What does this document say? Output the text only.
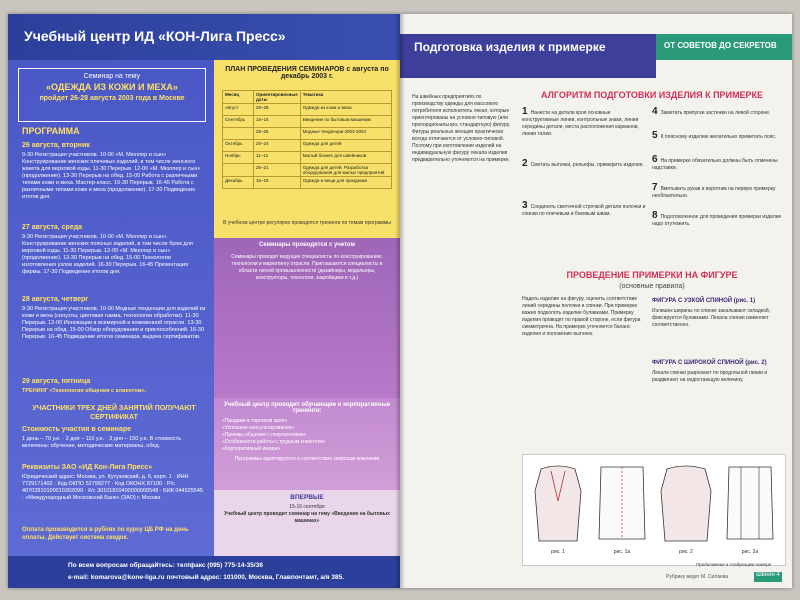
Учебный центр ИД «КОН-Лига Пресс»
Семинар на тему
«ОДЕЖДА ИЗ КОЖИ И МЕХА»
пройдет 26-28 августа 2003 года в Москве
ПРОГРАММА
26 августа, вторник
9-30 Регистрация участников. 10-00 «М. Мюллер и сын» Конструирование женских плечевых изделий, в том числе женского жакета для верховой езды. 11-30 Перерыв. 12-00 «М. Мюллер и сын» (продолжение). 13-30 Перерыв на обед. 15-00 Работа с различными типами кожи и меха. Мастер-класс. 16-30 Перерыв. 16-45 Работа с различными типами кожи и меха (продолжение). 17-30 Подведение итогов дня.
27 августа, среда
9-30 Регистрация участников. 10-00 «М. Мюллер и сын». Конструирование женских поясных изделий, в том числе брюк для верховой езды. 11-30 Перерыв. 12-00 «М. Мюллер и сын» (продолжение). 13-30 Перерыв на обед. 15-00 Технологии изготовления узлов изделий. 16-30 Перерыв. 16-45 Презентация фирмы. 17-30 Подведение итогов дня.
28 августа, четверг
9-30 Регистрация участников. 10-00 Модные тенденции для изделий из кожи и меха (силуэты, цветовая гамма, технологии обработки). 11-30 Перерыв. 12-00 Инновации в всемирной и кожевенной отрасли. 13-30 Перерыв на обед. 15-00 Обзор оборудования и приспособлений. 16-30 Перерыв. 16-45 Подведение итогов семинара, выдача сертификатов.
29 августа, пятница
ТРЕНИНГ «Технология общения с клиентом».
УЧАСТНИКИ ТРЕХ ДНЕЙ ЗАНЯТИЙ ПОЛУЧАЮТ СЕРТИФИКАТ
Стоимость участия в семинаре
1 день – 70 у.е. · 2 дня – 110 у.е. · 3 дня – 150 у.е. В стоимость включены: обучение, методические материалы, обед.
Реквизиты ЗАО «ИД Кон-Лига Пресс»
Юридический адрес: Москва, ул. Кутузовский, д. 6, корп. 1 · ИНН 7729171402 · Код ОКПО 52798277 · Код ОКОНХ 87100 · Р/с 40702810100010302090 · К/с 30101810400000000548 · БИК 044525545 · «Международный Московский Банк» (ЗАО) г. Москва
Оплата производится в рублях по курсу ЦБ РФ на день оплаты. Действует система скидок.
ПЛАН ПРОВЕДЕНИЯ СЕМИНАРОВ с августа по декабрь 2003 г.
Месяц	Ориентировочные даты	Тематика
Август	26–28	Одежда из кожи и меха
Сентябрь	15–16	Введение по бытовым машинам
	25–26	Модные тенденции 2003-2004
Октябрь	20–24	Одежда для детей
Ноябрь	11–12	Малый бизнес для швейников
	25–21	Одежда для детей. Разработка оборудования для малых предприятий
Декабрь	16–18	Одежда и вещи для праздника
В учебном центре регулярно проводятся тренинги по темам программы
Семинары проводятся с учетом
Семинары проводят ведущие специалисты по конструированию, технологии и маркетингу отрасли. Приглашаются специалисты в области легкой промышленности (дизайнеры, модельеры, конструкторы, технологи, закройщики и т.д.)
Учебный центр проводит обучающие и корпоративные тренинги:
«Продажи в торговом зале»
«Успешное консультирование»
«Приемы общения с покупателями»
«Особенности работы с трудным клиентом»
«Корпоративный имидж»
Программы адаптируются в соответствии запросам компании
ВПЕРВЫЕ
15-16 сентября
Учебный центр проводит семинар на тему «Введение на бытовых машинах»
По всем вопросам обращайтесь: тел/факс (095) 775-14-35/36
e-mail: komarova@kone-liga.ru почтовый адрес: 101000, Москва, Главпочтамт, а/я 385.
Подготовка изделия к примерке	ОТ СОВЕТОВ ДО СЕКРЕТОВ
На швейных предприятиях по производству одежды для массового потребителя исполнитель лекал, которые ориентированы на условно-типовую (или пропорциональную, стандартную) фигуру. Фигуры реальных женщин практически всегда отличаются от условно-типовой. Поэтому при изготовлении изделий на индивидуальную фигуру лекала изделия предварительно уточняются на примерке.
АЛГОРИТМ ПОДГОТОВКИ ИЗДЕЛИЯ К ПРИМЕРКЕ
1 Нанести на детали кроя основные конструктивные линии, контрольные знаки, линии середины детали, места расположения карманов, линии талии.
2 Сметать вытачки, рельефы, примерить изделие.
3 Соединить сметочной строчкой детали полочки и спинки по плечевым и боковым швам.
4 Заметать припуски застежки на левой стороне.
5 К поясному изделию желательно приметать пояс.
6 На примерке обязательно должны быть отмечены надставки.
7 Вметывать рукав и воротник на первую примерку необязательно.
8 Подготовленное для проведения примерки изделие надо отутюжить.
ПРОВЕДЕНИЕ ПРИМЕРКИ НА ФИГУРЕ
(основные правила)
Надеть изделие на фигуру, оценить соответствие линий середины полочки и спинки. При примерке важно подколоть изделие булавками. Примерку изделия проводят по правой стороне, если фигура симметрична. На примерке уточняется баланс изделия и положение вытачек.
ФИГУРА С УЗКОЙ СПИНОЙ (рис. 1)
Излишек ширины по спинке закалывают складкой, фиксируется булавками. Лекала спинки изменяют соответственно.
ФИГУРА С ШИРОКОЙ СПИНОЙ (рис. 2)
Лекала спинки разрезают по продольной линии и раздвигают на недостающую величину.
рис. 1	рис. 1а	рис. 2	рис. 2а
Продолжение в следующем номере
Рубрику ведет М. Силаева	Швейн 4
